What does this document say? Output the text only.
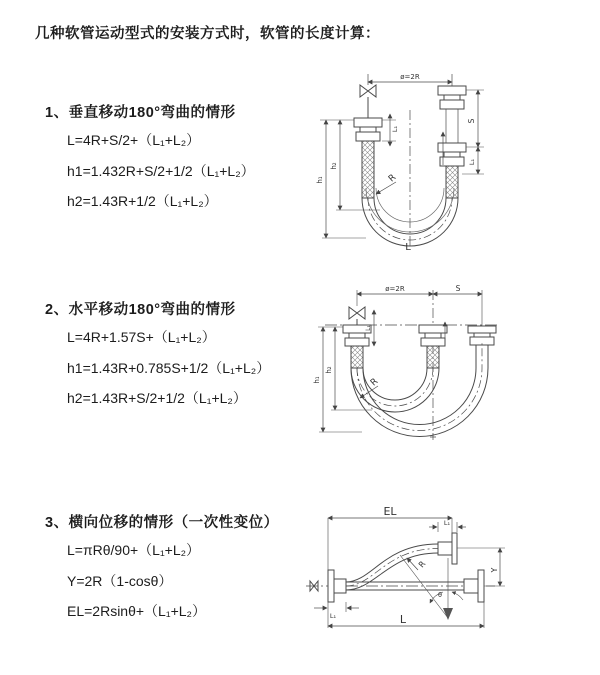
几种软管运动型式的安装方式时，软管的长度计算：
1、垂直移动180°弯曲的情形
L=4R+S/2+（L₁+L₂）
h1=1.432R+S/2+1/2（L₁+L₂）
h2=1.43R+1/2（L₁+L₂）
2、水平移动180°弯曲的情形
L=4R+1.57S+（L₁+L₂）
h1=1.43R+0.785S+1/2（L₁+L₂）
h2=1.43R+S/2+1/2（L₁+L₂）
3、横向位移的情形（一次性变位）
L=πRθ/90+（L₁+L₂）
Y=2R（1-cosθ）
EL=2Rsinθ+（L₁+L₂）
ø=2R
S
L₁
L₁
h₁
h₂
R
L
ø=2R	S
L₁
h₁
h₂
R
EL
L₁
Y
R
θ
L
L₁
